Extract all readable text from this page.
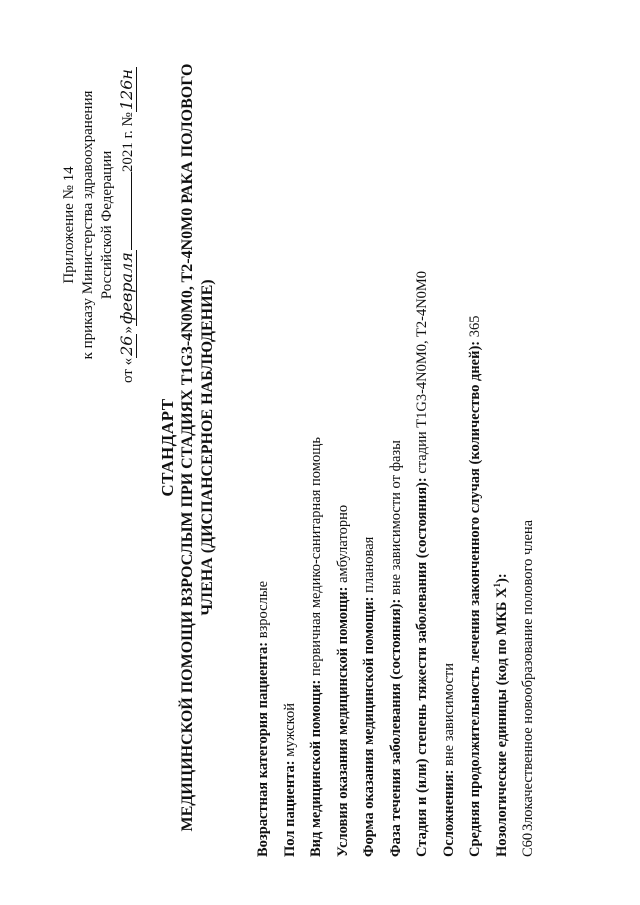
Приложение № 14 к приказу Министерства здравоохранения Российской Федерации
от «26»февраля2021 г. №126н
СТАНДАРТ МЕДИЦИНСКОЙ ПОМОЩИ ВЗРОСЛЫМ ПРИ СТАДИЯХ T1G3-4N0M0, T2-4N0M0 РАКА ПОЛОВОГО ЧЛЕНА (ДИСПАНСЕРНОЕ НАБЛЮДЕНИЕ)
Возрастная категория пациента: взрослые
Пол пациента: мужской Вид медицинской помощи: первичная медико-санитарная помощь
Условия оказания медицинской помощи: амбулаторно
Форма оказания медицинской помощи: плановая
Фаза течения заболевания (состояния): вне зависимости от фазы Стадия и (или) степень тяжести заболевания (состояния): стадии T1G3-4N0M0, T2-4N0M0
Осложнения: вне зависимости Средняя продолжительность лечения законченного случая (количество дней): 365
Нозологические единицы (код по МКБ $X^1$):
C60Злокачественное новообразование полового члена
